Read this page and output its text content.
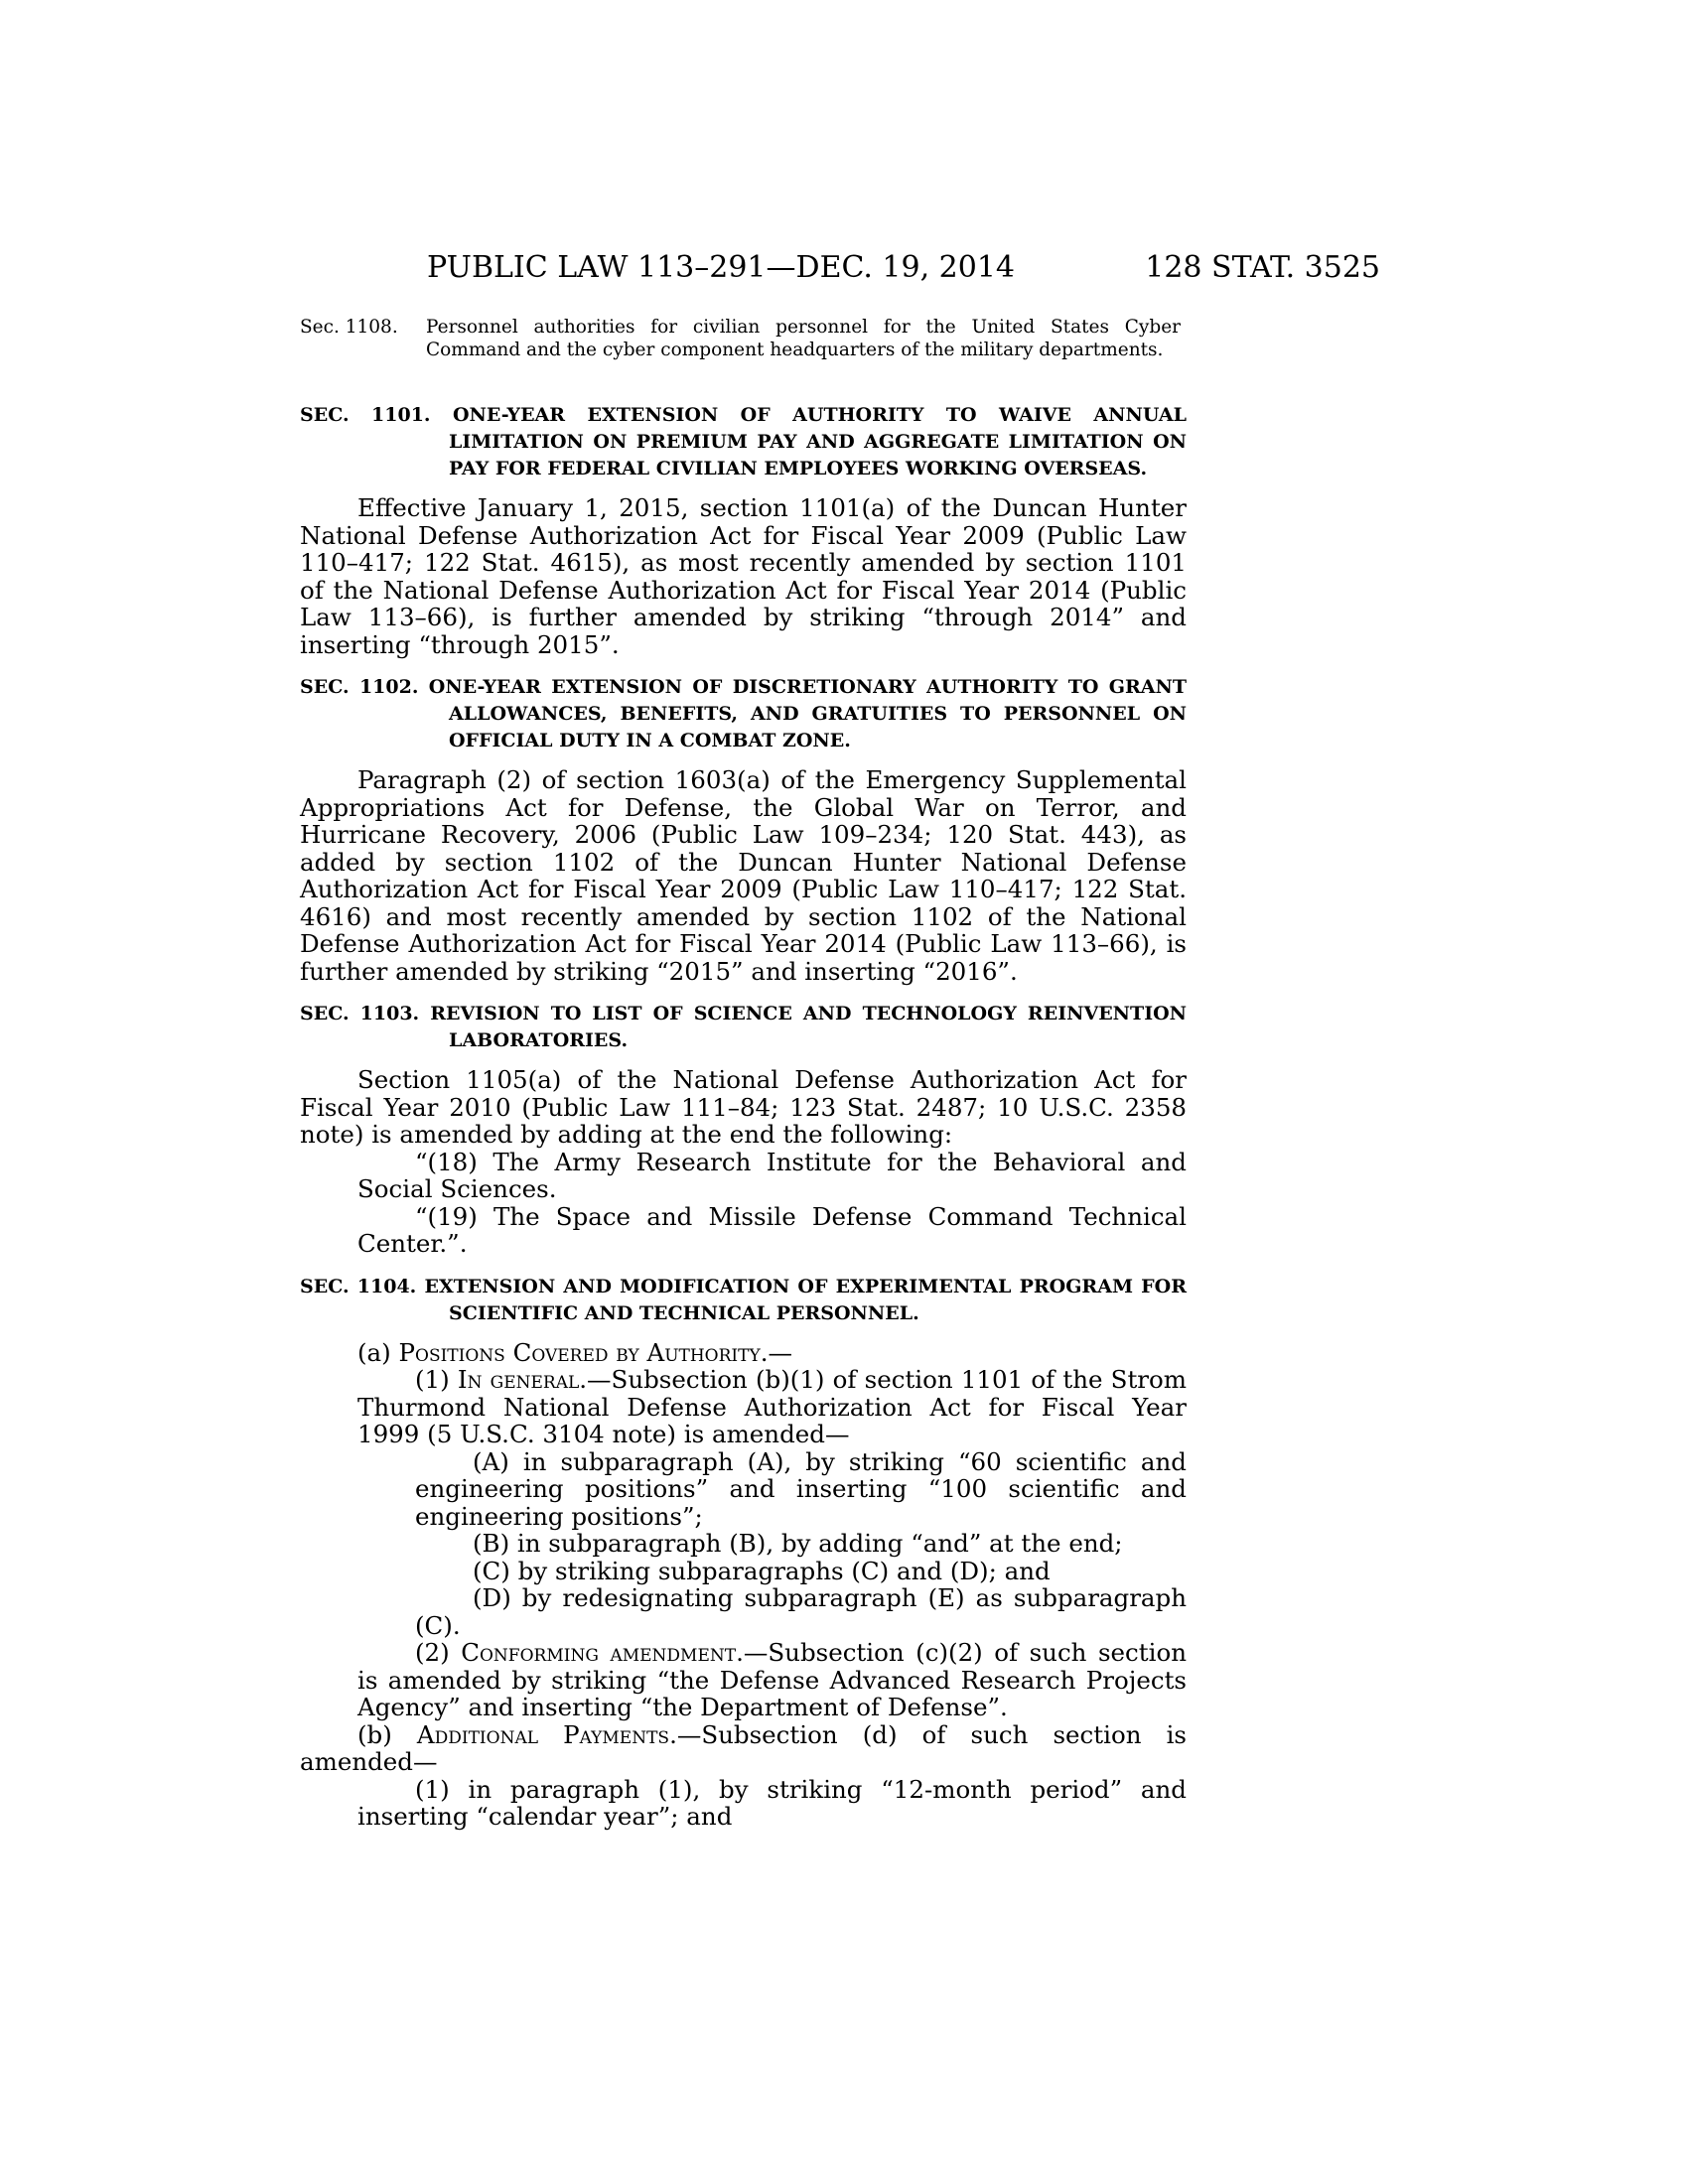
PUBLIC LAW 113–291—DEC. 19, 2014	128 STAT. 3525
Sec. 1108. Personnel authorities for civilian personnel for the United States Cyber Command and the cyber component headquarters of the military departments.
SEC. 1101. ONE-YEAR EXTENSION OF AUTHORITY TO WAIVE ANNUAL LIMITATION ON PREMIUM PAY AND AGGREGATE LIMITATION ON PAY FOR FEDERAL CIVILIAN EMPLOYEES WORKING OVERSEAS.

Effective January 1, 2015, section 1101(a) of the Duncan Hunter National Defense Authorization Act for Fiscal Year 2009 (Public Law 110–417; 122 Stat. 4615), as most recently amended by section 1101 of the National Defense Authorization Act for Fiscal Year 2014 (Public Law 113–66), is further amended by striking “through 2014” and inserting “through 2015”.

SEC. 1102. ONE-YEAR EXTENSION OF DISCRETIONARY AUTHORITY TO GRANT ALLOWANCES, BENEFITS, AND GRATUITIES TO PERSONNEL ON OFFICIAL DUTY IN A COMBAT ZONE.

Paragraph (2) of section 1603(a) of the Emergency Supplemental Appropriations Act for Defense, the Global War on Terror, and Hurricane Recovery, 2006 (Public Law 109–234; 120 Stat. 443), as added by section 1102 of the Duncan Hunter National Defense Authorization Act for Fiscal Year 2009 (Public Law 110–417; 122 Stat. 4616) and most recently amended by section 1102 of the National Defense Authorization Act for Fiscal Year 2014 (Public Law 113–66), is further amended by striking “2015” and inserting “2016”.

SEC. 1103. REVISION TO LIST OF SCIENCE AND TECHNOLOGY REINVENTION LABORATORIES.

Section 1105(a) of the National Defense Authorization Act for Fiscal Year 2010 (Public Law 111–84; 123 Stat. 2487; 10 U.S.C. 2358 note) is amended by adding at the end the following:

“(18) The Army Research Institute for the Behavioral and Social Sciences.

“(19) The Space and Missile Defense Command Technical Center.”.

SEC. 1104. EXTENSION AND MODIFICATION OF EXPERIMENTAL PROGRAM FOR SCIENTIFIC AND TECHNICAL PERSONNEL.

(a) Positions Covered by Authority.—

(1) In general.—Subsection (b)(1) of section 1101 of the Strom Thurmond National Defense Authorization Act for Fiscal Year 1999 (5 U.S.C. 3104 note) is amended—

(A) in subparagraph (A), by striking “60 scientific and engineering positions” and inserting “100 scientific and engineering positions”;

(B) in subparagraph (B), by adding “and” at the end;

(C) by striking subparagraphs (C) and (D); and

(D) by redesignating subparagraph (E) as subparagraph (C).

(2) Conforming amendment.—Subsection (c)(2) of such section is amended by striking “the Defense Advanced Research Projects Agency” and inserting “the Department of Defense”.

(b) Additional Payments.—Subsection (d) of such section is amended—

(1) in paragraph (1), by striking “12-month period” and inserting “calendar year”; and
